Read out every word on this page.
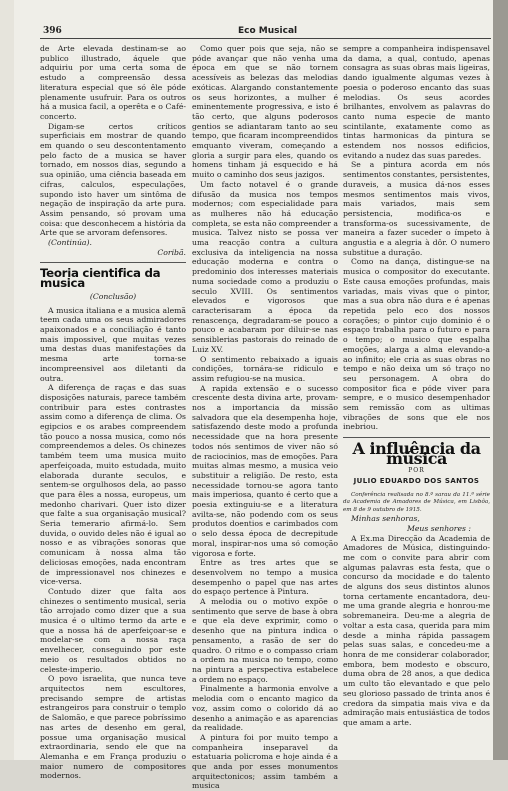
396	Eco Musical

de Arte elevada destinam-se ao publico illustrado, áquele que adquiriu por uma certa soma de estudo a compreensão dessa literatura especial que só êle póde plenamente usufruir. Para os outros há a musica facil, a operêta e o Café-concerto.

Digam-se certos críticos superficiais em mostrar de quando em quando o seu descontentamento pelo facto de a musica se haver tornado, em nossos dias, segundo a sua opinião, uma ciência baseada em cifras, calculos, especulações, supondo isto haver um sintôma de negação de inspiração da arte pura. Assim pensando, só provam uma coisa: que desconhecem a história da Arte que se arvoram defensores.

(Continúa).

Coribã.

Teoria cientifica da musica
(Conclusão)

A musica italiana e a musica alemã teem cada uma os seus admiradores apaixonados e a conciliação é tanto mais impossivel, que muitas vezes uma destas duas manifestações da mesma arte torna-se incompreensivel aos diletanti da outra.

A diferença de raças e das suas disposições naturais, parece também contribuir para estes contrastes assim como a diferença de clima. Os egipcios e os arabes compreendem tão pouco a nossa musica, como nós compreendemos a deles. Os chinezes também teem uma musica muito aperfeiçoada, muito estudada, muito elaborada durante seculos, e sentem-se orgulhosos dela, ao passo que para êles a nossa, europeus, um medonho charivari. Quer isto dizer que falte a sua organisação musical? Seria temerario afirmá-lo. Sem duvida, o ouvido deles não é igual ao nosso e as vibrações sonoras que comunicam à nossa alma tão deliciosas emoções, nada encontram de impressionavel nos chinezes e vice-versa.

Contudo dizer que falta aos chinezes o sentimento musical, seria tão arrojado como dizer que a sua musica é o ultimo termo da arte e que a nossa há de aperfeiçoar-se e modelar-se com a nossa raça envelhecer, conseguindo por este meio os resultados obtidos no celeste-imperio.

O povo israelita, que nunca teve arquitectos nem escultores, precisando sempre de artistas estrangeiros para construir o templo de Salomão, e que parece pobríssimo nas artes de desenho em geral, possue uma organisação musical extraordinaria, sendo ele que na Alemanha e em França produziu o maior numero de compositores modernos.

Como quer pois que seja, não se póde avançar que não venha uma época em que se não tornem acessíveis as belezas das melodias exóticas. Alargando constantemente os seus horizontes, a mulher é eminentemente progressiva, e isto é tão certo, que alguns poderosos gentios se adiantaram tanto ao seu tempo, que ficaram incompreendidos emquanto viveram, começando a gloria a surgir para eles, quando os homens tinham já esquecido e há muito o caminho dos seus jazigos.

Um facto notavel é o grande difusão da musica nos tempos modernos; com especialidade para as mulheres não há educação completa, se esta não compreender a musica. Talvez nisto se possa ver uma reacção contra a cultura exclusiva da inteligencia na nossa educação moderna e contra o predominio dos interesses materiais numa sociedade como a produziu o seculo XVIII. Os sentimentos elevados e vigorosos que caracterisaram a época da renascença, degradaram-se pouco a pouco e acabaram por diluir-se nas sensiblerias pastorais do reinado de Luiz XV.

O sentimento rebaixado a iguais condições, tornára-se ridiculo e assim refugiou-se na musica.

A rapida extensão e o sucesso crescente desta divina arte, provam-nos a importancia da missão salvadora que ela desempenha hoje, satisfazendo deste modo a profunda necessidade que na hora presente todos nós sentimos de viver não só de raciocinios, mas de emoções. Para muitas almas mesmo, a musica veio substituir a religião. De resto, esta necessidade tornou-se agora tanto mais imperiosa, quanto é certo que a poesia extinguiu-se e a literatura avilta-se, não podendo com os seus produtos doentios e carimbados com o selo dessa época de decrepitude moral, inspirar-nos uma só comoção vigorosa e forte.

Entre as tres artes que se desenvolvem no tempo a musica desempenho o papel que nas artes do espaço pertence à Pintura.

A melodia ou o motivo expõe o sentimento que serve de base à obra e que ela deve exprimir, como o desenho que na pintura indica o pensamento, a rasão de ser do quadro. O ritmo e o compasso criam a ordem na musica no tempo, como na pintura a perspectiva estabelece a ordem no espaço.

Finalmente a harmonia envolve a melodia com o encanto magico da voz, assim como o colorido dá ao desenho a animação e as aparencias da realidade.

A pintura foi por muito tempo a companheira inseparavel da estatuaria policroma e hoje ainda é a que anda por esses monumentos arquitectonicos; assim também a musica

sempre a companheira indispensavel da dama, a qual, contudo, apenas consagra as suas obras mais ligeiras, dando igualmente algumas vezes à poesia o poderoso encanto das suas melodias. Os seus acordes brilhantes, envolvem as palavras do canto numa especie de manto scintilante, exatamente como as tintas harmonicas da pintura se estendem nos nossos edificios, evitando a nudez das suas paredes.

Se a pintura acorda em nós sentimentos constantes, persistentes, duraveis, a musica dá-nos esses mesmos sentimentos mais vivos, mais variados, mais sem persistencia, modifica-os e transforma-os sucessivamente, de maneira a fazer suceder o ímpeto à angustia e a alegria à dôr. O numero substitue a duração.

Como na dança, distingue-se na musica o compositor do executante. Este causa emoções profundas, mais variadas, mais vivas que o pintor, mas a sua obra não dura e é apenas repetida pelo eco dos nossos corações; o pintor cujo dominio é o espaço trabalha para o futuro e para o tempo; o musico que espalha emoções, alarga a alma elevando-a ao infinito; ele cria as suas obras no tempo e não deixa um só traço no seu personagem. A obra do compositor fica e póde viver para sempre, e o musico desempenhador sem remissão com as ultimas vibrações de sons que ele nos inebriou.

A influência da música
POR
JULIO EDUARDO DOS SANTOS

Conferência realisada no 8.º sarau da 11.ª série da Academia de Amadores de Música, em Lisbôa, em 8 de 9 outubro de 1915.

Minhas senhoras,

Meus senhores :

A Ex.ma Direcção da Academia de Amadores de Música, distinguindo-me com o convite para abrir com algumas palavras esta festa, que o concurso da mocidade e do talento de alguns dos seus distintos alunos torna certamente encantadora, deu-me uma grande alegria e honrou-me sobremaneira. Deu-me a alegria de voltar a esta casa, querida para mim desde a minha rápida passagem pelas suas salas, e concedeu-me a honra de me considerar colaborador, embora, bem modesto e obscuro, duma obra de 28 anos, a que dedica um culto tão elevantado e que pelo seu glorioso passado de trinta anos é credora da simpatia mais viva e da admiração mais entusiástica de todos que amam a arte.
